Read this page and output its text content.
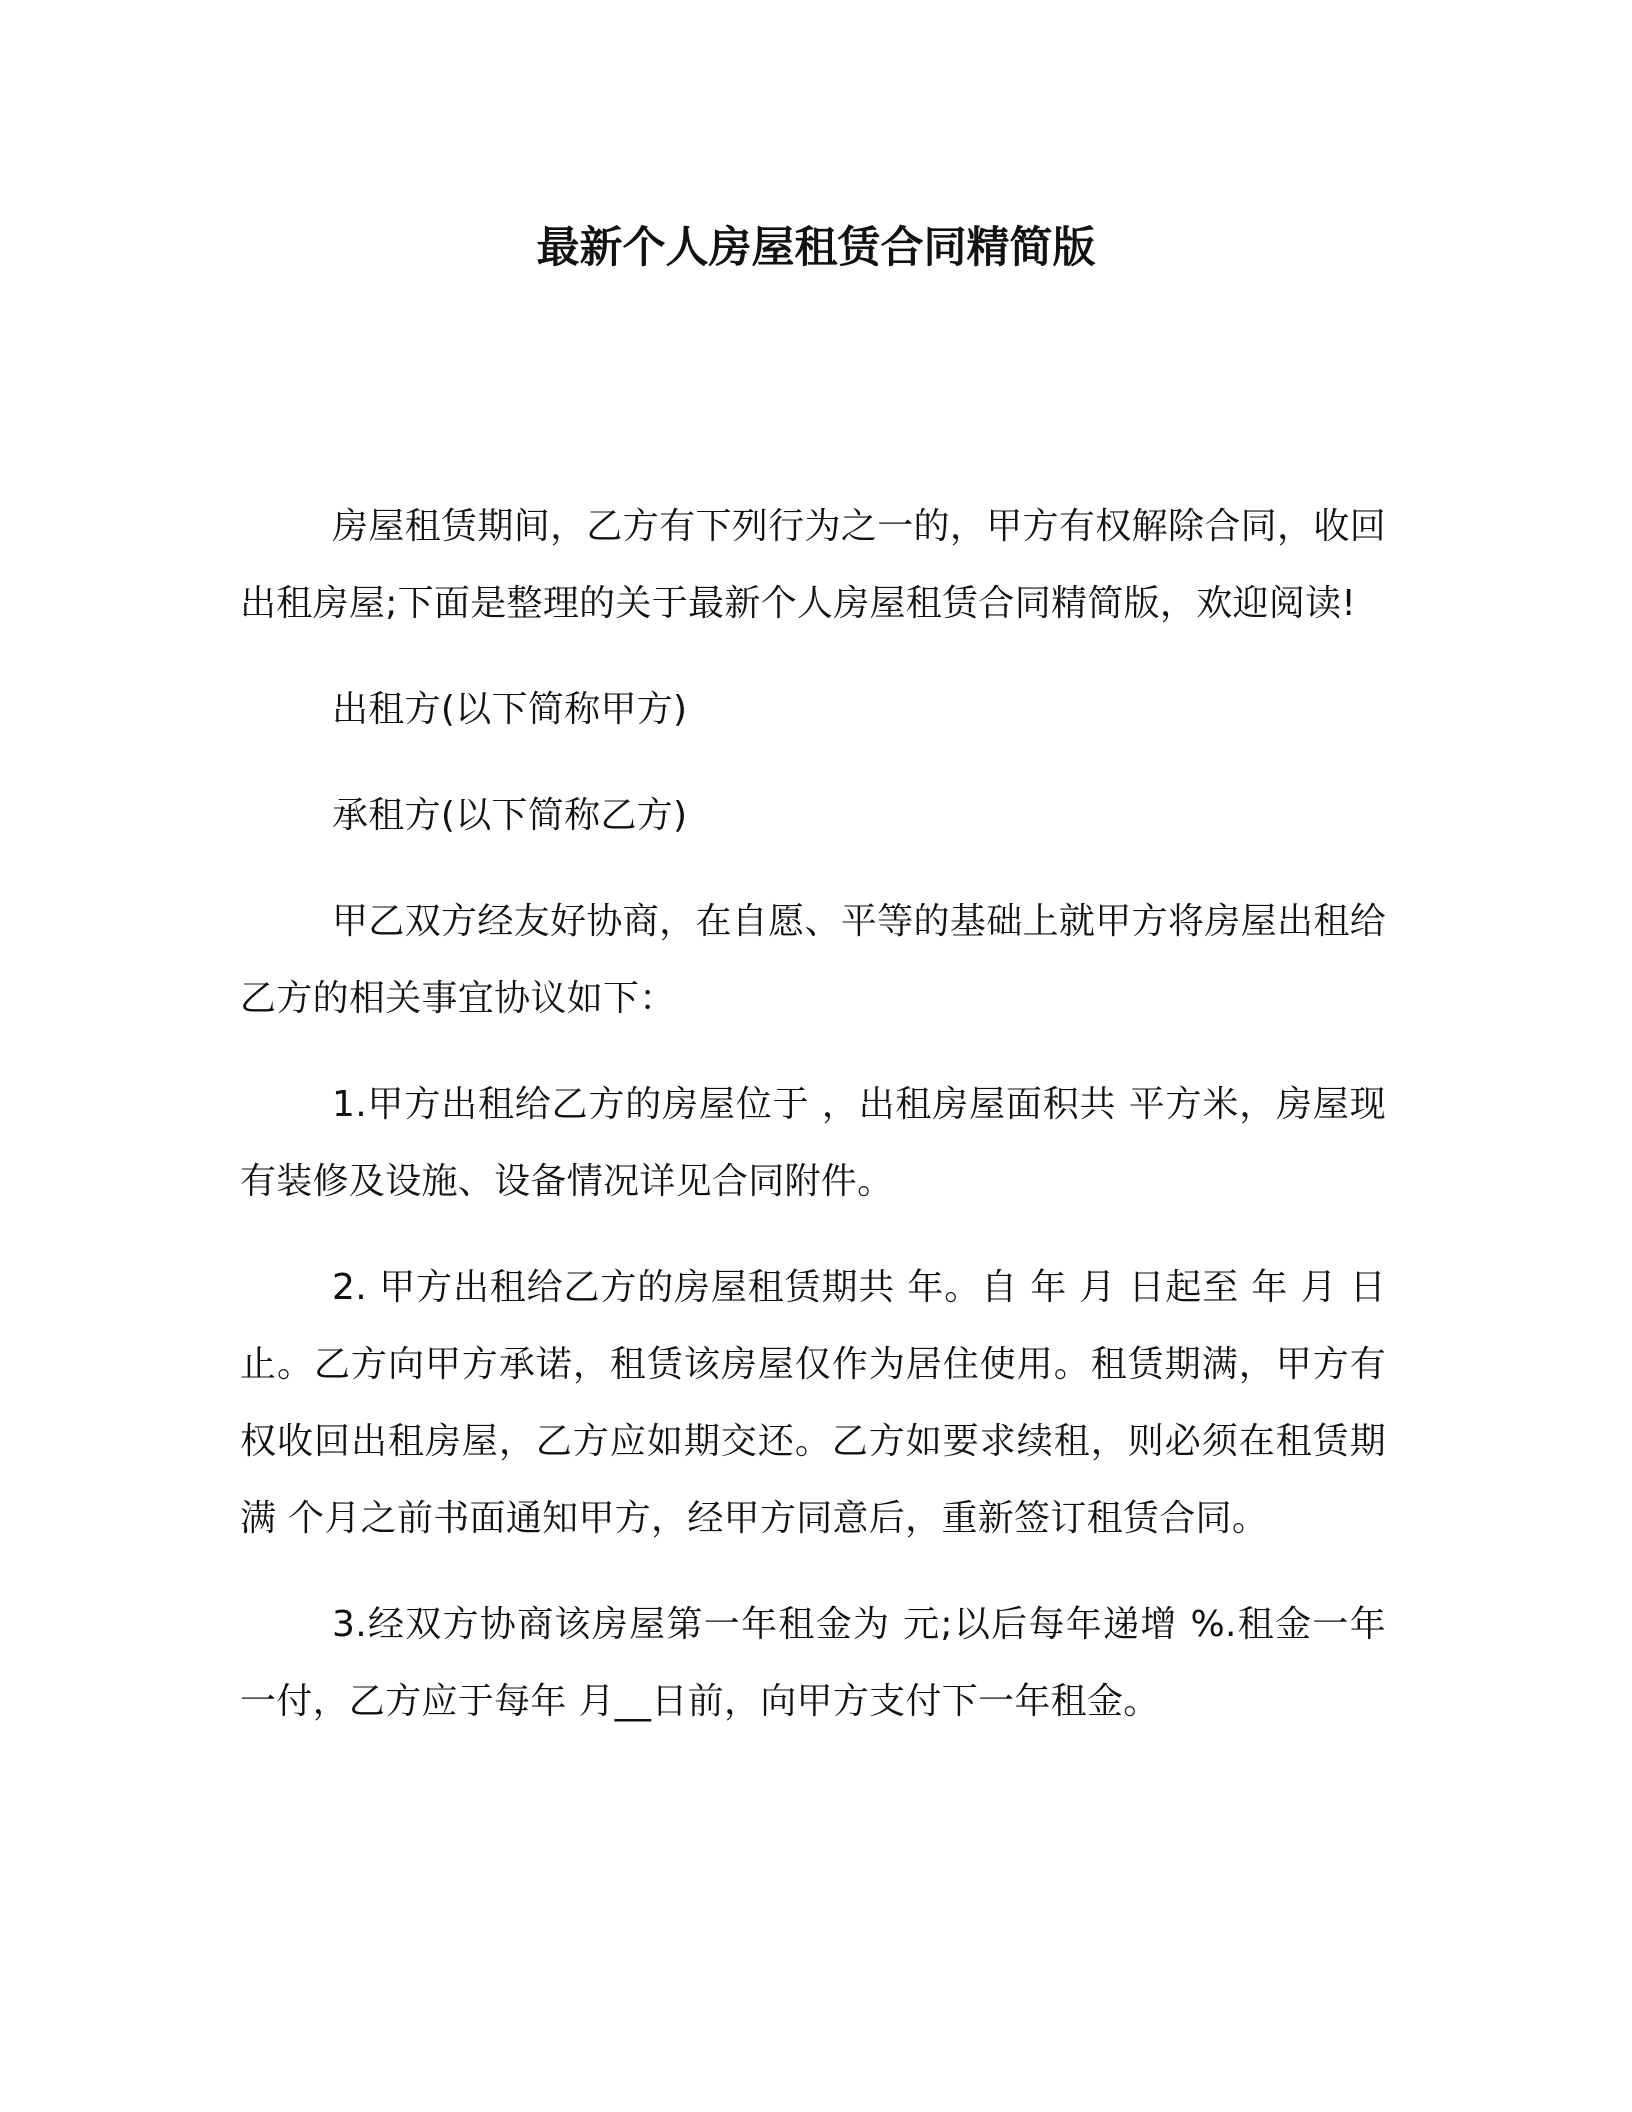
最新个人房屋租赁合同精简版

房屋租赁期间，乙方有下列行为之一的，甲方有权解除合同，收回出租房屋;下面是整理的关于最新个人房屋租赁合同精简版，欢迎阅读!

出租方(以下简称甲方)

承租方(以下简称乙方)

甲乙双方经友好协商，在自愿、平等的基础上就甲方将房屋出租给乙方的相关事宜协议如下：

1.甲方出租给乙方的房屋位于 ，出租房屋面积共 平方米，房屋现有装修及设施、设备情况详见合同附件。

2. 甲方出租给乙方的房屋租赁期共 年。自 年 月 日起至 年 月 日止。乙方向甲方承诺，租赁该房屋仅作为居住使用。租赁期满，甲方有权收回出租房屋，乙方应如期交还。乙方如要求续租，则必须在租赁期满 个月之前书面通知甲方，经甲方同意后，重新签订租赁合同。

3.经双方协商该房屋第一年租金为 元;以后每年递增 %.租金一年一付，乙方应于每年 月__日前，向甲方支付下一年租金。
